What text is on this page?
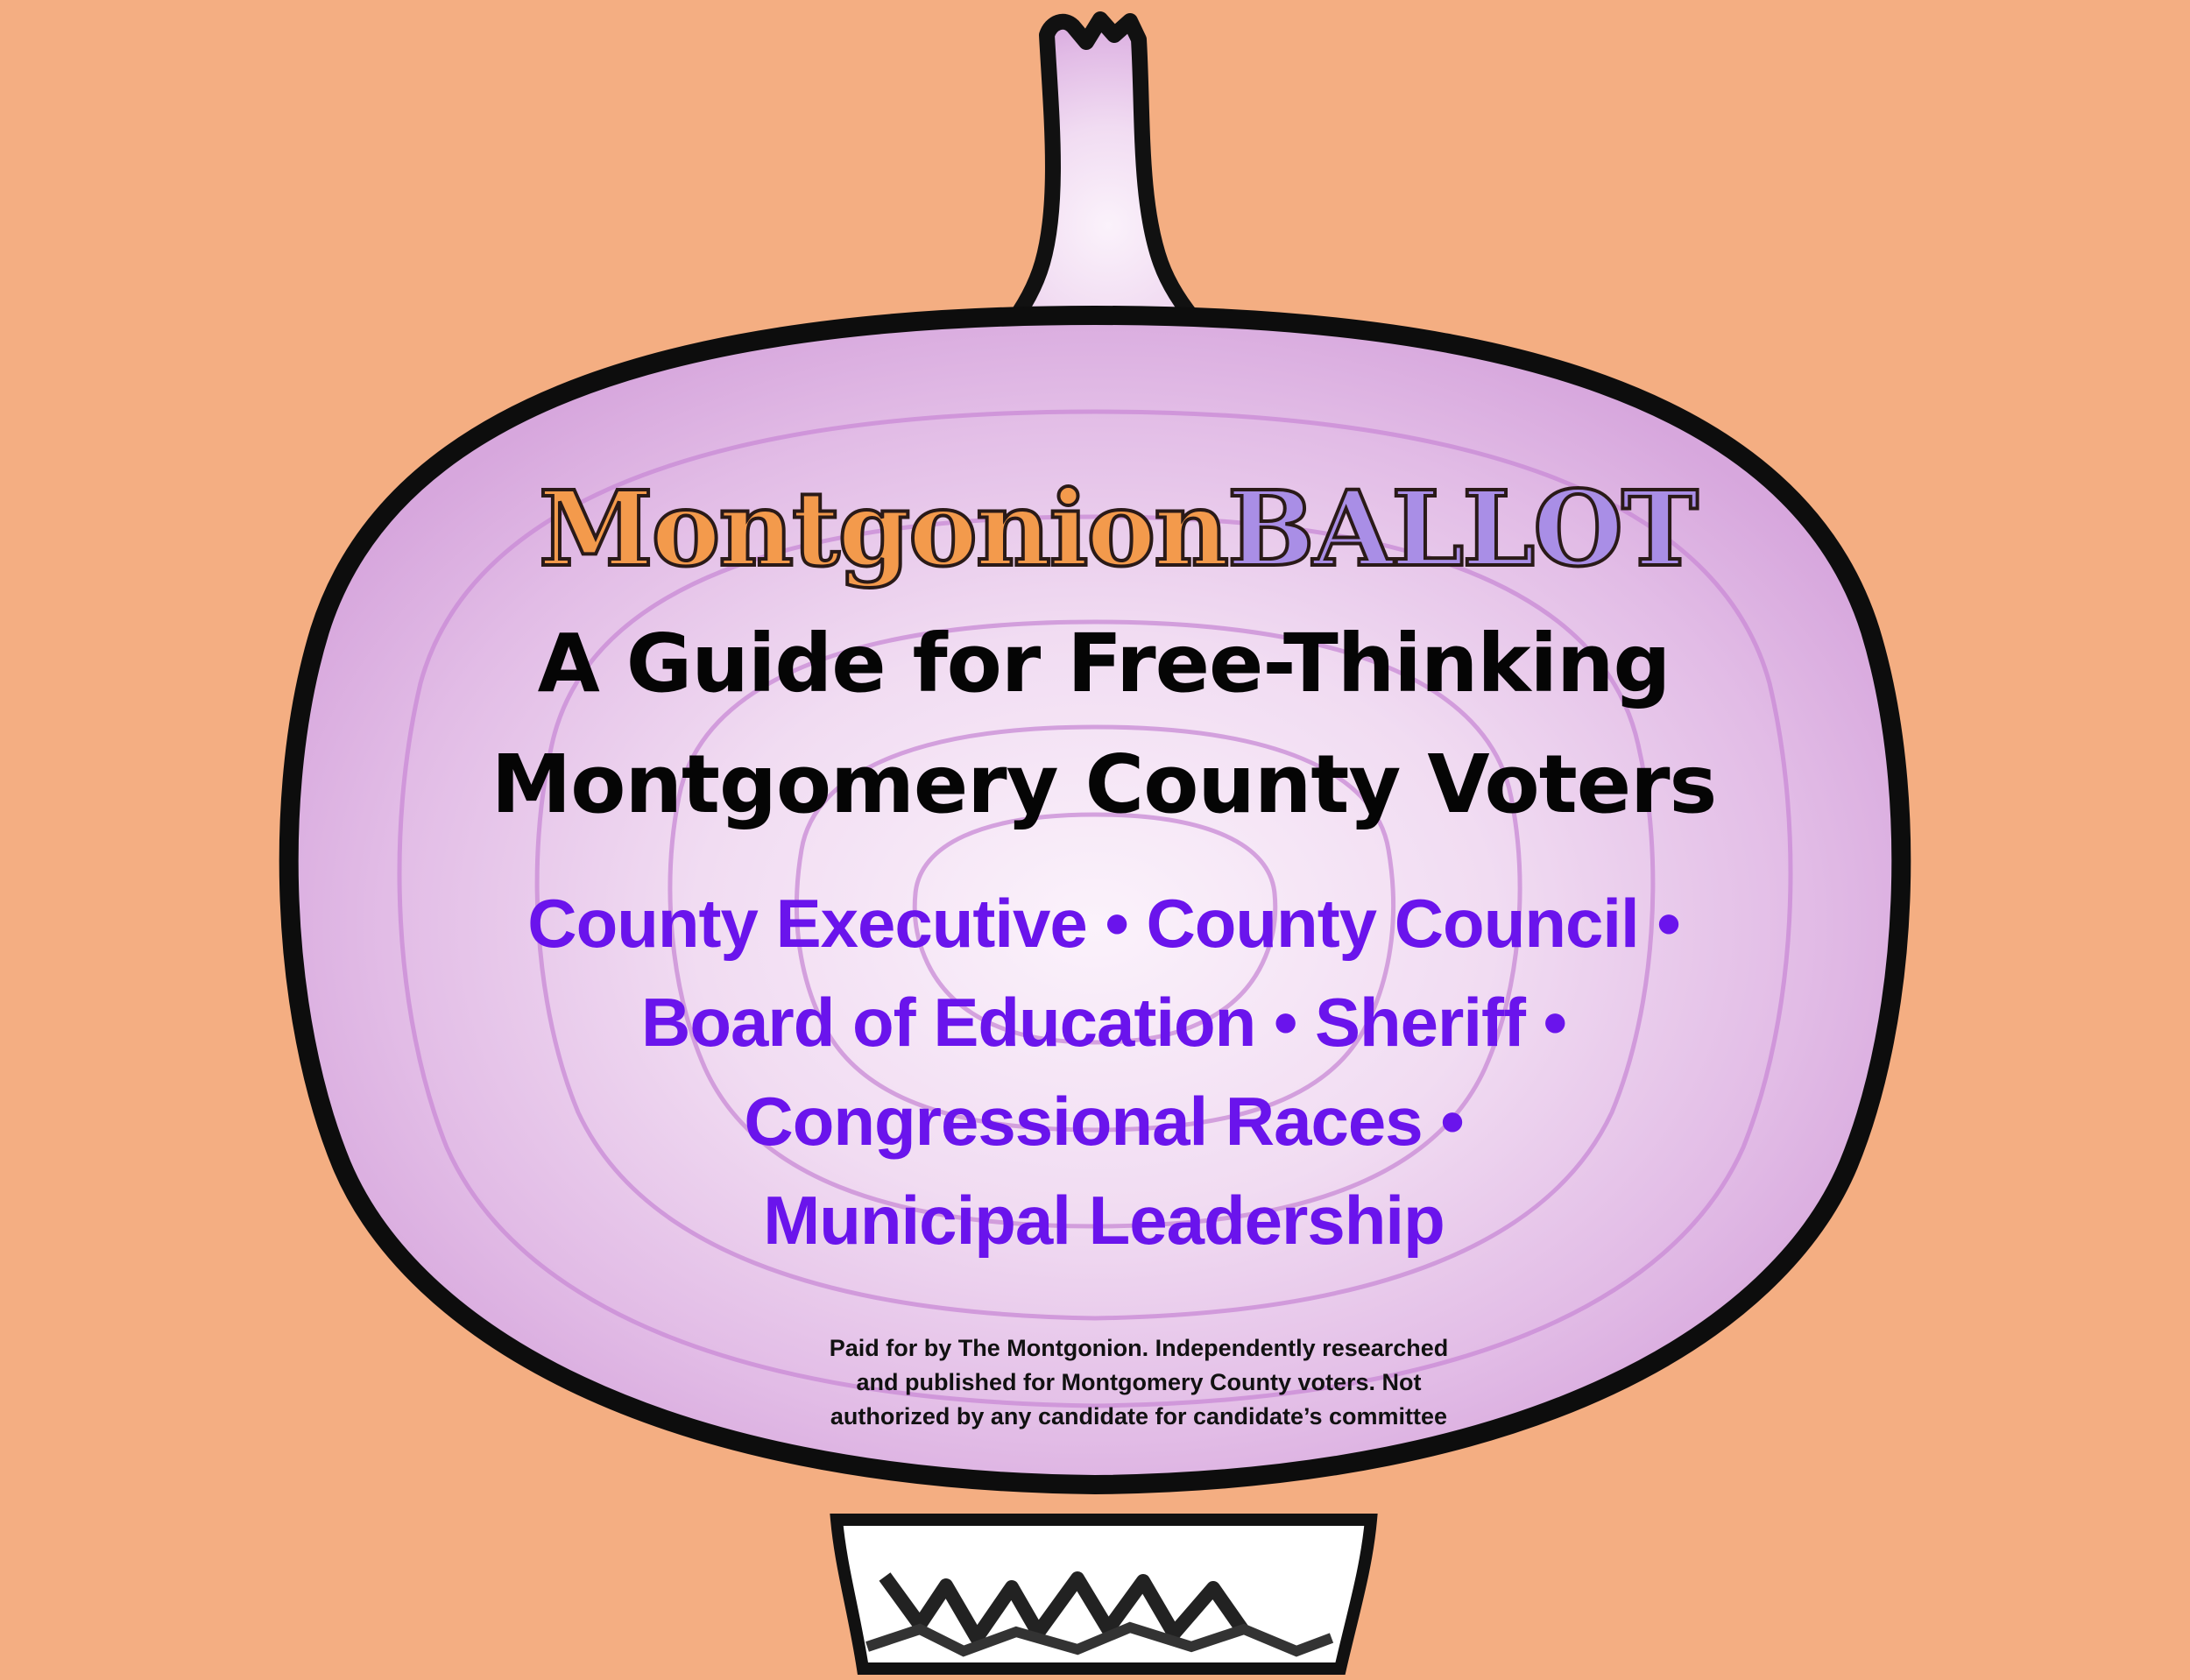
MontgonionBALLOT
A Guide for Free-Thinking
Montgomery County Voters
County Executive • County Council •
Board of Education • Sheriff •
Congressional Races •
Municipal Leadership
Paid for by The Montgonion. Independently researched
and published for Montgomery County voters. Not
authorized by any candidate for candidate’s committee
